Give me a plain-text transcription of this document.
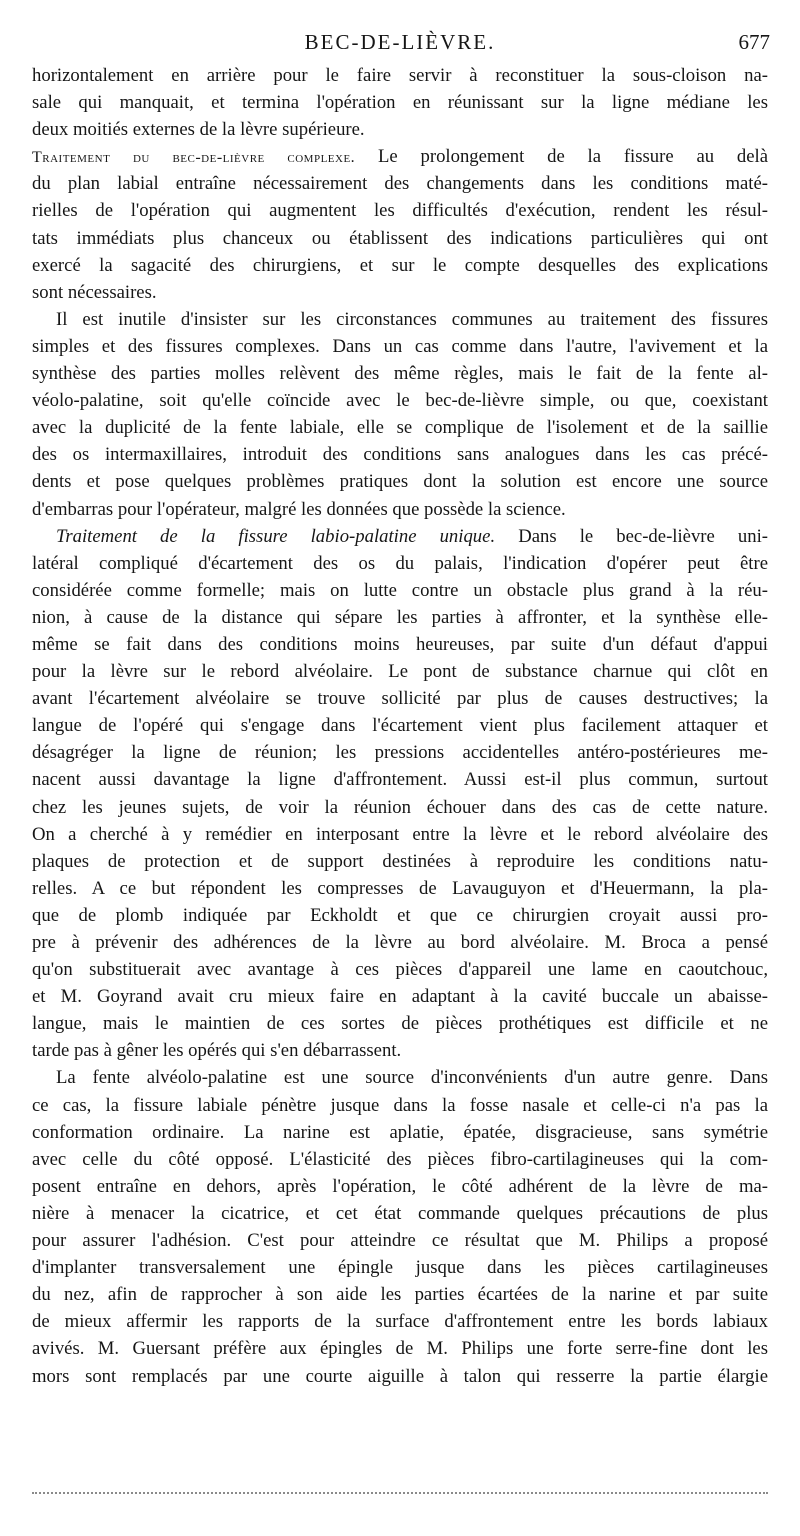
BEC-DE-LIÈVRE.	677
horizontalement en arrière pour le faire servir à reconstituer la sous-cloison na-
sale qui manquait, et termina l'opération en réunissant sur la ligne médiane les
deux moitiés externes de la lèvre supérieure.
Traitement du bec-de-lièvre complexe. Le prolongement de la fissure au delà
du plan labial entraîne nécessairement des changements dans les conditions maté-
rielles de l'opération qui augmentent les difficultés d'exécution, rendent les résul-
tats immédiats plus chanceux ou établissent des indications particulières qui ont
exercé la sagacité des chirurgiens, et sur le compte desquelles des explications
sont nécessaires.
Il est inutile d'insister sur les circonstances communes au traitement des fissures
simples et des fissures complexes. Dans un cas comme dans l'autre, l'avivement et la
synthèse des parties molles relèvent des même règles, mais le fait de la fente al-
véolo-palatine, soit qu'elle coïncide avec le bec-de-lièvre simple, ou que, coexistant
avec la duplicité de la fente labiale, elle se complique de l'isolement et de la saillie
des os intermaxillaires, introduit des conditions sans analogues dans les cas précé-
dents et pose quelques problèmes pratiques dont la solution est encore une source
d'embarras pour l'opérateur, malgré les données que possède la science.
Traitement de la fissure labio-palatine unique. Dans le bec-de-lièvre uni-
latéral compliqué d'écartement des os du palais, l'indication d'opérer peut être
considérée comme formelle; mais on lutte contre un obstacle plus grand à la réu-
nion, à cause de la distance qui sépare les parties à affronter, et la synthèse elle-
même se fait dans des conditions moins heureuses, par suite d'un défaut d'appui
pour la lèvre sur le rebord alvéolaire. Le pont de substance charnue qui clôt en
avant l'écartement alvéolaire se trouve sollicité par plus de causes destructives; la
langue de l'opéré qui s'engage dans l'écartement vient plus facilement attaquer et
désagréger la ligne de réunion; les pressions accidentelles antéro-postérieures me-
nacent aussi davantage la ligne d'affrontement. Aussi est-il plus commun, surtout
chez les jeunes sujets, de voir la réunion échouer dans des cas de cette nature.
On a cherché à y remédier en interposant entre la lèvre et le rebord alvéolaire des
plaques de protection et de support destinées à reproduire les conditions natu-
relles. A ce but répondent les compresses de Lavauguyon et d'Heuermann, la pla-
que de plomb indiquée par Eckholdt et que ce chirurgien croyait aussi pro-
pre à prévenir des adhérences de la lèvre au bord alvéolaire. M. Broca a pensé
qu'on substituerait avec avantage à ces pièces d'appareil une lame en caoutchouc,
et M. Goyrand avait cru mieux faire en adaptant à la cavité buccale un abaisse-
langue, mais le maintien de ces sortes de pièces prothétiques est difficile et ne
tarde pas à gêner les opérés qui s'en débarrassent.
La fente alvéolo-palatine est une source d'inconvénients d'un autre genre. Dans
ce cas, la fissure labiale pénètre jusque dans la fosse nasale et celle-ci n'a pas la
conformation ordinaire. La narine est aplatie, épatée, disgracieuse, sans symétrie
avec celle du côté opposé. L'élasticité des pièces fibro-cartilagineuses qui la com-
posent entraîne en dehors, après l'opération, le côté adhérent de la lèvre de ma-
nière à menacer la cicatrice, et cet état commande quelques précautions de plus
pour assurer l'adhésion. C'est pour atteindre ce résultat que M. Philips a proposé
d'implanter transversalement une épingle jusque dans les pièces cartilagineuses
du nez, afin de rapprocher à son aide les parties écartées de la narine et par suite
de mieux affermir les rapports de la surface d'affrontement entre les bords labiaux
avivés. M. Guersant préfère aux épingles de M. Philips une forte serre-fine dont les
mors sont remplacés par une courte aiguille à talon qui resserre la partie élargie
